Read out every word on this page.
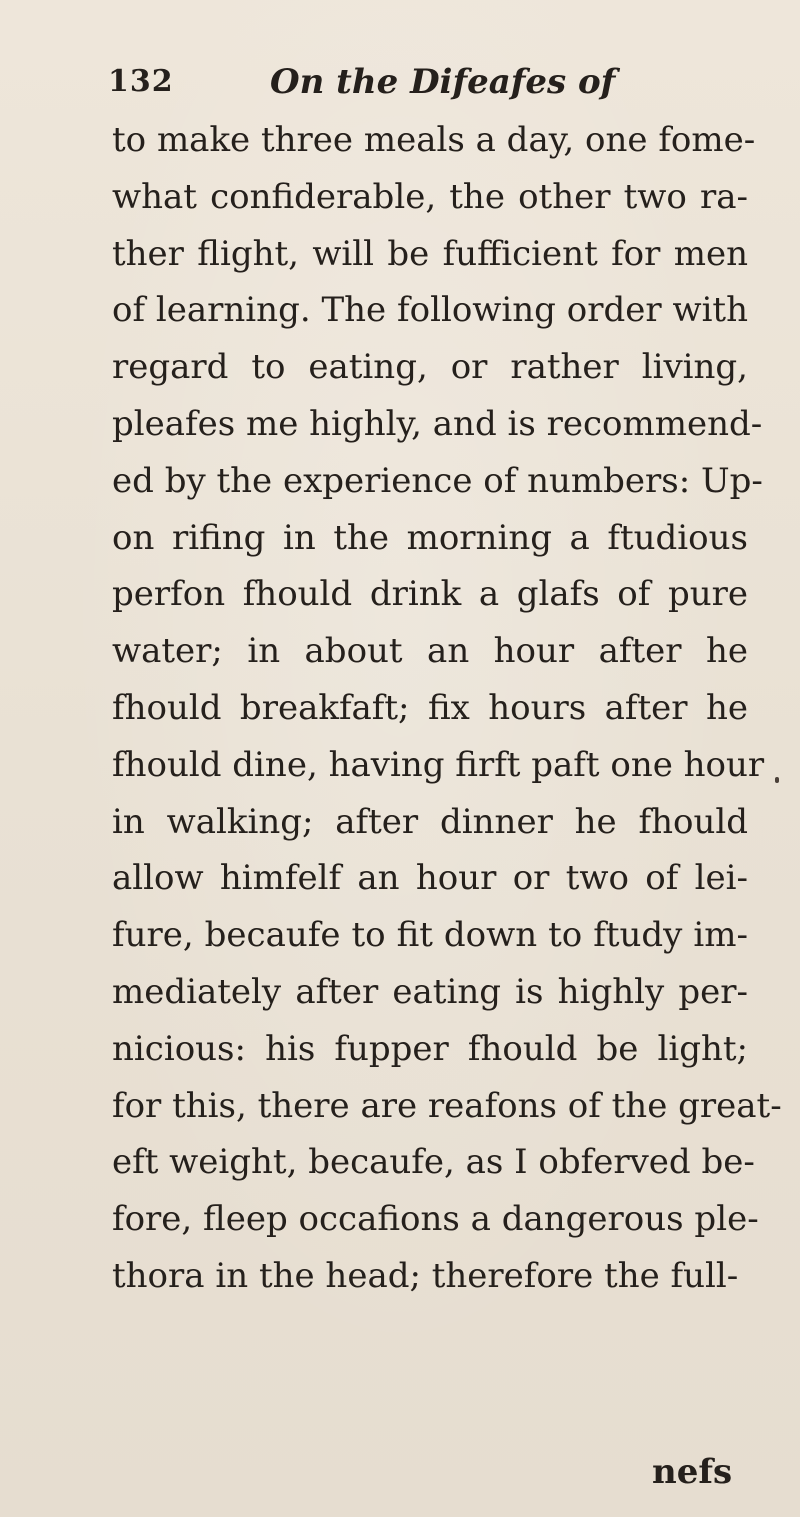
132	On the Difeafes of
to make three meals a day, one fome-
what confiderable, the other two ra-
ther flight, will be fufficient for men
of learning. The following order with
regard to eating, or rather living,
pleafes me highly, and is recommend-
ed by the experience of numbers: Up-
on rifing in the morning a ftudious
perfon fhould drink a glafs of pure
water; in about an hour after he
fhould breakfaft; fix hours after he
fhould dine, having firft paft one hour
in walking; after dinner he fhould
allow himfelf an hour or two of lei-
fure, becaufe to fit down to ftudy im-
mediately after eating is highly per-
nicious: his fupper fhould be light;
for this, there are reafons of the great-
eft weight, becaufe, as I obferved be-
fore, fleep occafions a dangerous ple-
thora in the head; therefore the full-
nefs
